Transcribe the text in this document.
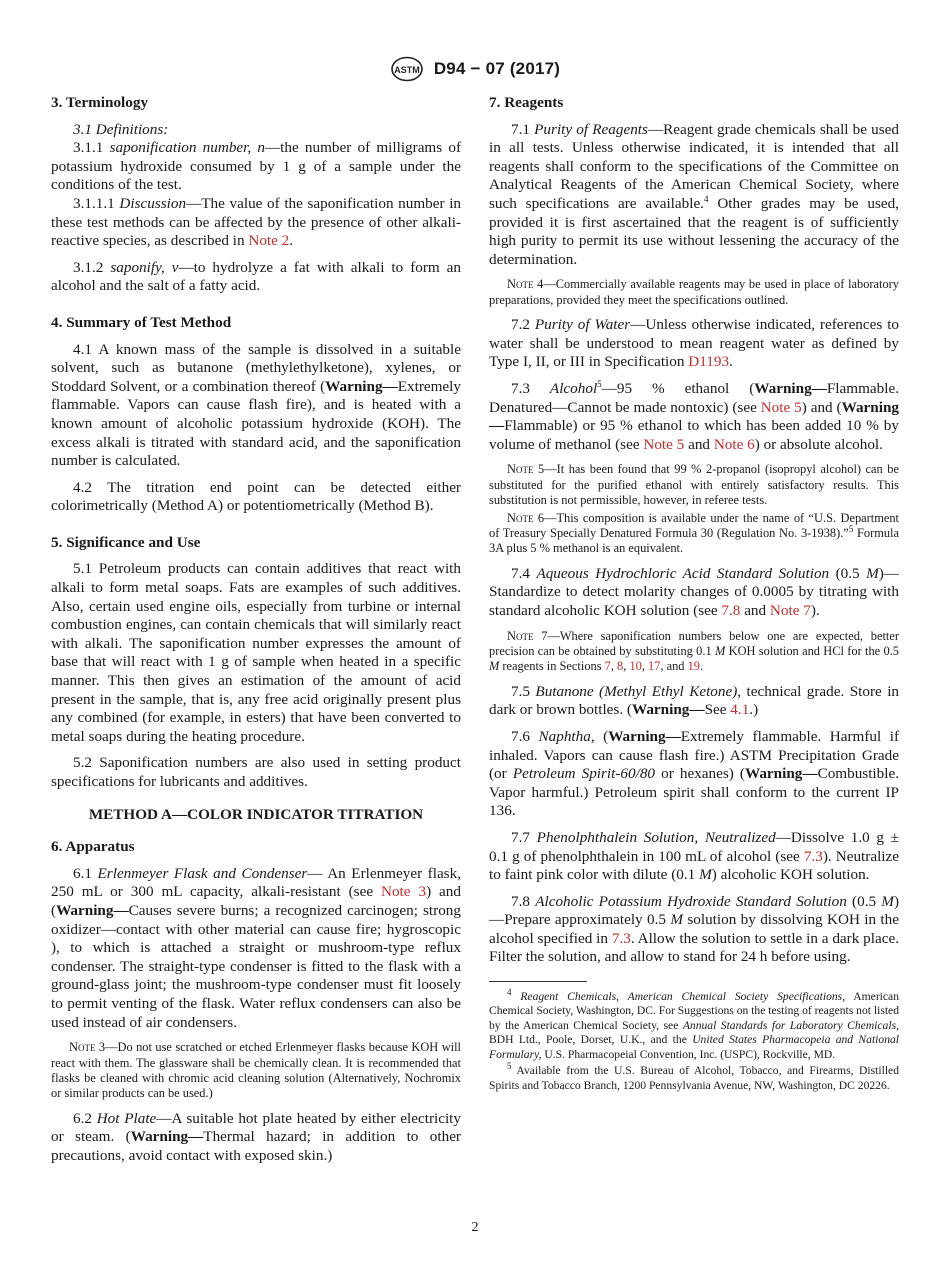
ASTM D94 − 07 (2017)
3. Terminology

3.1 Definitions:

3.1.1 saponification number, n—the number of milligrams of potassium hydroxide consumed by 1 g of a sample under the conditions of the test.

3.1.1.1 Discussion—The value of the saponification number in these test methods can be affected by the presence of other alkali-reactive species, as described in Note 2.

3.1.2 saponify, v—to hydrolyze a fat with alkali to form an alcohol and the salt of a fatty acid.

4. Summary of Test Method

4.1 A known mass of the sample is dissolved in a suitable solvent, such as butanone (methylethylketone), xylenes, or Stoddard Solvent, or a combination thereof (Warning—Extremely flammable. Vapors can cause flash fire), and is heated with a known amount of alcoholic potassium hydroxide (KOH). The excess alkali is titrated with standard acid, and the saponification number is calculated.

4.2 The titration end point can be detected either colorimetrically (Method A) or potentiometrically (Method B).

5. Significance and Use

5.1 Petroleum products can contain additives that react with alkali to form metal soaps. Fats are examples of such additives. Also, certain used engine oils, especially from turbine or internal combustion engines, can contain chemicals that will similarly react with alkali. The saponification number expresses the amount of base that will react with 1 g of sample when heated in a specific manner. This then gives an estimation of the amount of acid present in the sample, that is, any free acid originally present plus any combined (for example, in esters) that have been converted to metal soaps during the heating procedure.

5.2 Saponification numbers are also used in setting product specifications for lubricants and additives.

METHOD A—COLOR INDICATOR TITRATION
6. Apparatus

6.1 Erlenmeyer Flask and Condenser— An Erlenmeyer flask, 250 mL or 300 mL capacity, alkali-resistant (see Note 3) and (Warning—Causes severe burns; a recognized carcinogen; strong oxidizer—contact with other material can cause fire; hygroscopic ), to which is attached a straight or mushroom-type reflux condenser. The straight-type condenser is fitted to the flask with a ground-glass joint; the mushroom-type condenser must fit loosely to permit venting of the flask. Water reflux condensers can also be used instead of air condensers.

Note 3—Do not use scratched or etched Erlenmeyer flasks because KOH will react with them. The glassware shall be chemically clean. It is recommended that flasks be cleaned with chromic acid cleaning solution (Alternatively, Nochromix or similar products can be used.)

6.2 Hot Plate—A suitable hot plate heated by either electricity or steam. (Warning—Thermal hazard; in addition to other precautions, avoid contact with exposed skin.)

7. Reagents

7.1 Purity of Reagents—Reagent grade chemicals shall be used in all tests. Unless otherwise indicated, it is intended that all reagents shall conform to the specifications of the Committee on Analytical Reagents of the American Chemical Society, where such specifications are available.$^4$ Other grades may be used, provided it is first ascertained that the reagent is of sufficiently high purity to permit its use without lessening the accuracy of the determination.

Note 4—Commercially available reagents may be used in place of laboratory preparations, provided they meet the specifications outlined.

7.2 Purity of Water—Unless otherwise indicated, references to water shall be understood to mean reagent water as defined by Type I, II, or III in Specification D1193.

7.3 Alcohol$^5$—95 % ethanol (Warning—Flammable. Denatured—Cannot be made nontoxic) (see Note 5) and (Warning—Flammable) or 95 % ethanol to which has been added 10 % by volume of methanol (see Note 5 and Note 6) or absolute alcohol.

Note 5—It has been found that 99 % 2-propanol (isopropyl alcohol) can be substituted for the purified ethanol with entirely satisfactory results. This substitution is not permissible, however, in referee tests.
Note 6—This composition is available under the name of “U.S. Department of Treasury Specially Denatured Formula 30 (Regulation No. 3-1938).”$^5$ Formula 3A plus 5 % methanol is an equivalent.

7.4 Aqueous Hydrochloric Acid Standard Solution (0.5 M)—Standardize to detect molarity changes of 0.0005 by titrating with standard alcoholic KOH solution (see 7.8 and Note 7).

Note 7—Where saponification numbers below one are expected, better precision can be obtained by substituting 0.1 M KOH solution and HCl for the 0.5 M reagents in Sections 7, 8, 10, 17, and 19.

7.5 Butanone (Methyl Ethyl Ketone), technical grade. Store in dark or brown bottles. (Warning—See 4.1.)

7.6 Naphtha, (Warning—Extremely flammable. Harmful if inhaled. Vapors can cause flash fire.) ASTM Precipitation Grade (or Petroleum Spirit-60/80 or hexanes) (Warning—Combustible. Vapor harmful.) Petroleum spirit shall conform to the current IP 136.

7.7 Phenolphthalein Solution, Neutralized—Dissolve 1.0 g ± 0.1 g of phenolphthalein in 100 mL of alcohol (see 7.3). Neutralize to faint pink color with dilute (0.1 M) alcoholic KOH solution.

7.8 Alcoholic Potassium Hydroxide Standard Solution (0.5 M)—Prepare approximately 0.5 M solution by dissolving KOH in the alcohol specified in 7.3. Allow the solution to settle in a dark place. Filter the solution, and allow to stand for 24 h before using.

$^4$ Reagent Chemicals, American Chemical Society Specifications, American Chemical Society, Washington, DC. For Suggestions on the testing of reagents not listed by the American Chemical Society, see Annual Standards for Laboratory Chemicals, BDH Ltd., Poole, Dorset, U.K., and the United States Pharmacopeia and National Formulary, U.S. Pharmacopeial Convention, Inc. (USPC), Rockville, MD.
$^5$ Available from the U.S. Bureau of Alcohol, Tobacco, and Firearms, Distilled Spirits and Tobacco Branch, 1200 Pennsylvania Avenue, NW, Washington, DC 20226.
2
